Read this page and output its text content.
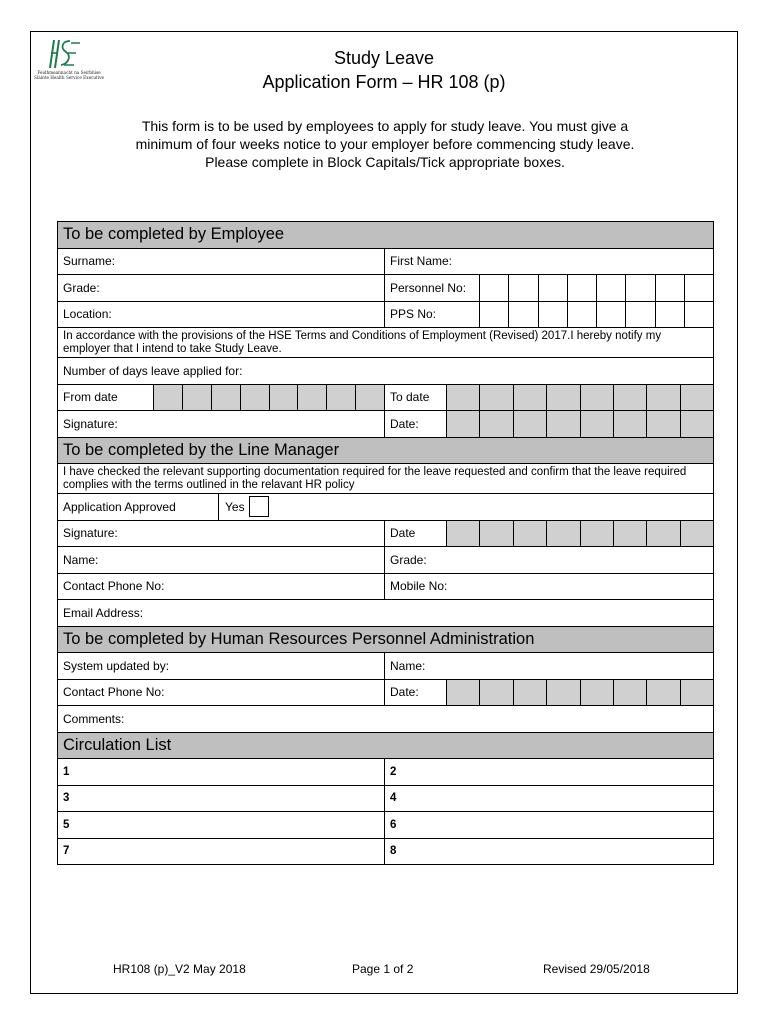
Feidhmeannacht na Seirbhíse Sláinte Health Service Executive
Study Leave
Application Form – HR 108 (p)
This form is to be used by employees to apply for study leave. You must give a
minimum of four weeks notice to your employer before commencing study leave.
Please complete in Block Capitals/Tick appropriate boxes.
To be completed by Employee	
Surname:	First Name:
Grade:	Personnel No:

Location:	PPS No:

In accordance with the provisions of the HSE Terms and Conditions of Employment (Revised) 2017.I hereby notify my employer that I intend to take Study Leave.	
Number of days leave applied for:	

From date	To date

Signature:	Date:

To be completed by the Line Manager	
I have checked the relevant supporting documentation required for the leave requested and confirm that the leave required complies with the terms outlined in the relavant HR policy	

Application Approved Yes	

Signature:	Date

Name:	Grade:
Contact Phone No:	Mobile No:
Email Address:	
To be completed by Human Resources Personnel Administration	
System updated by:	Name:
Contact Phone No:	Date:

Comments:	
Circulation List	
1	2
3	4
5	6
7	8
HR108 (p)_V2 May 2018	Page 1 of 2	Revised 29/05/2018
